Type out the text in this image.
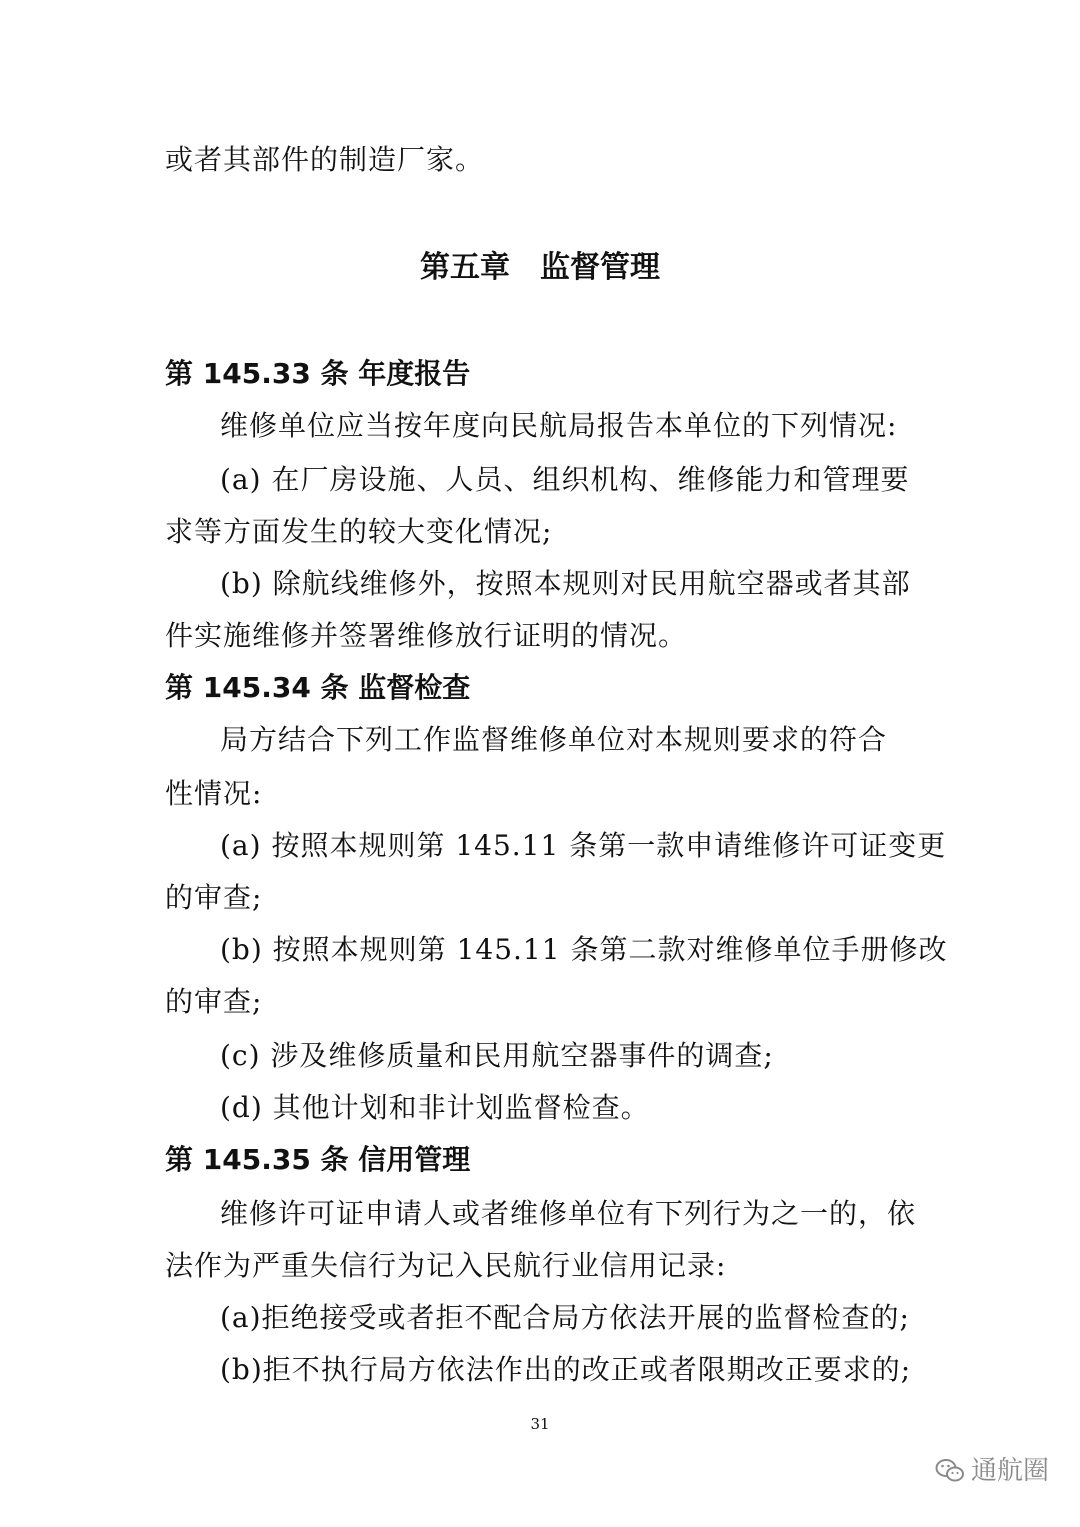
或者其部件的制造厂家。
第五章　监督管理
第 145.33 条 年度报告
维修单位应当按年度向民航局报告本单位的下列情况:
(a) 在厂房设施、人员、组织机构、维修能力和管理要
求等方面发生的较大变化情况;
(b) 除航线维修外，按照本规则对民用航空器或者其部
件实施维修并签署维修放行证明的情况。
第 145.34 条 监督检查
局方结合下列工作监督维修单位对本规则要求的符合
性情况:
(a) 按照本规则第 145.11 条第一款申请维修许可证变更
的审查;
(b) 按照本规则第 145.11 条第二款对维修单位手册修改
的审查;
(c) 涉及维修质量和民用航空器事件的调查;
(d) 其他计划和非计划监督检查。
第 145.35 条 信用管理
维修许可证申请人或者维修单位有下列行为之一的，依
法作为严重失信行为记入民航行业信用记录:
(a)拒绝接受或者拒不配合局方依法开展的监督检查的;
(b)拒不执行局方依法作出的改正或者限期改正要求的;
31
通航圈
